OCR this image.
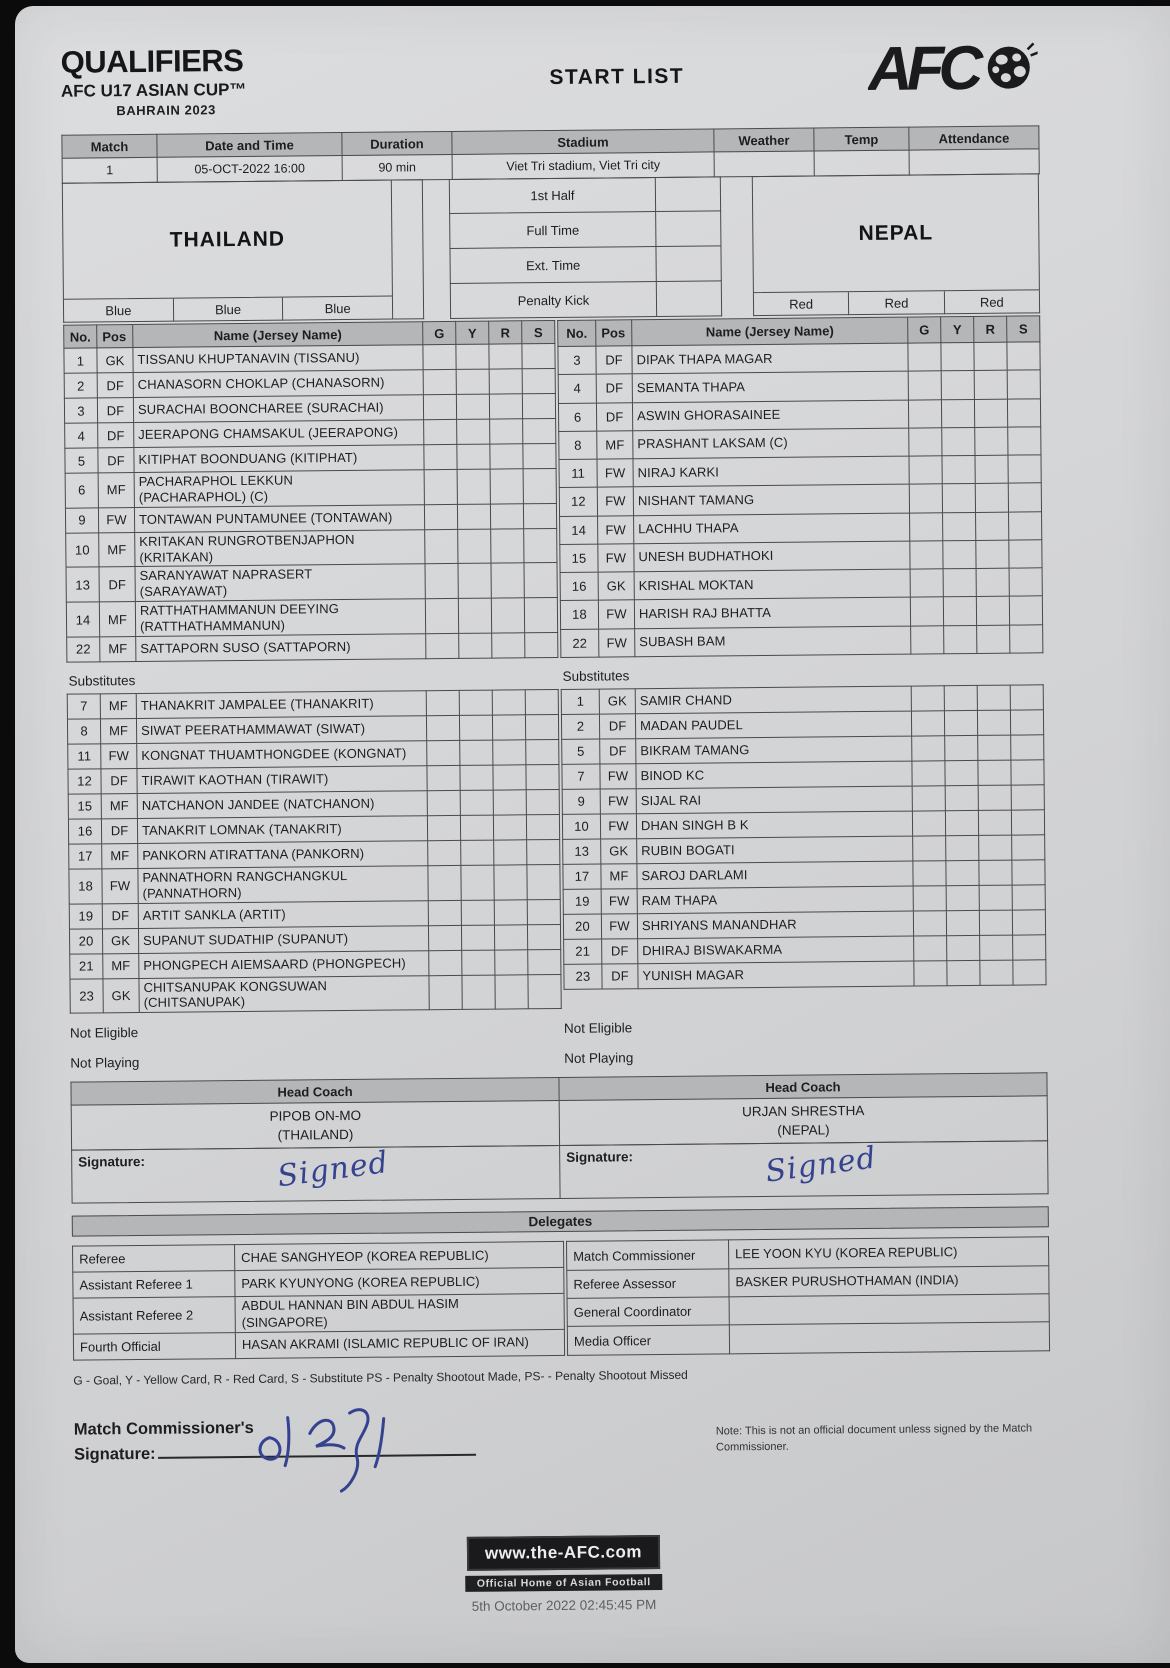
QUALIFIERS
AFC U17 ASIAN CUP™
BAHRAIN 2023
START LIST	AFC
Match	Date and Time	Duration	Stadium	Weather	Temp	Attendance
1	05-OCT-2022 16:00	90 min	Viet Tri stadium, Viet Tri city			
THAILAND
Blue	Blue	Blue
1st Half
Full Time
Ext. Time
Penalty Kick
NEPAL
Red	Red	Red
No.	Pos	Name (Jersey Name)	G	Y	R	S
1	GK	TISSANU KHUPTANAVIN (TISSANU)				
2	DF	CHANASORN CHOKLAP (CHANASORN)				
3	DF	SURACHAI BOONCHAREE (SURACHAI)				
4	DF	JEERAPONG CHAMSAKUL (JEERAPONG)				
5	DF	KITIPHAT BOONDUANG (KITIPHAT)				
6	MF	PACHARAPHOL LEKKUN
(PACHARAPHOL) (C)				
9	FW	TONTAWAN PUNTAMUNEE (TONTAWAN)				
10	MF	KRITAKAN RUNGROTBENJAPHON
(KRITAKAN)				
13	DF	SARANYAWAT NAPRASERT
(SARAYAWAT)				
14	MF	RATTHATHAMMANUN DEEYING
(RATTHATHAMMANUN)				
22	MF	SATTAPORN SUSO (SATTAPORN)				
No.	Pos	Name (Jersey Name)	G	Y	R	S
3	DF	DIPAK THAPA MAGAR				
4	DF	SEMANTA THAPA				
6	DF	ASWIN GHORASAINEE				
8	MF	PRASHANT LAKSAM (C)				
11	FW	NIRAJ KARKI				
12	FW	NISHANT TAMANG				
14	FW	LACHHU THAPA				
15	FW	UNESH BUDHATHOKI				
16	GK	KRISHAL MOKTAN				
18	FW	HARISH RAJ BHATTA				
22	FW	SUBASH BAM				
Substitutes
7	MF	THANAKRIT JAMPALEE (THANAKRIT)				
8	MF	SIWAT PEERATHAMMAWAT (SIWAT)				
11	FW	KONGNAT THUAMTHONGDEE (KONGNAT)				
12	DF	TIRAWIT KAOTHAN (TIRAWIT)				
15	MF	NATCHANON JANDEE (NATCHANON)				
16	DF	TANAKRIT LOMNAK (TANAKRIT)				
17	MF	PANKORN ATIRATTANA (PANKORN)				
18	FW	PANNATHORN RANGCHANGKUL
(PANNATHORN)				
19	DF	ARTIT SANKLA (ARTIT)				
20	GK	SUPANUT SUDATHIP (SUPANUT)				
21	MF	PHONGPECH AIEMSAARD (PHONGPECH)				
23	GK	CHITSANUPAK KONGSUWAN
(CHITSANUPAK)				
Substitutes
1	GK	SAMIR CHAND				
2	DF	MADAN PAUDEL				
5	DF	BIKRAM TAMANG				
7	FW	BINOD KC				
9	FW	SIJAL RAI				
10	FW	DHAN SINGH B K				
13	GK	RUBIN BOGATI				
17	MF	SAROJ DARLAMI				
19	FW	RAM THAPA				
20	FW	SHRIYANS MANANDHAR				
21	DF	DHIRAJ BISWAKARMA				
23	DF	YUNISH MAGAR				
Not Eligible
Not Playing
Not Eligible
Not Playing
Head Coach	Head Coach
PIPOB ON-MO
(THAILAND)	URJAN SHRESTHA
(NEPAL)
Signature:	Signed	Signature:	Signed
Delegates
Referee	CHAE SANGHYEOP (KOREA REPUBLIC)
Assistant Referee 1	PARK KYUNYONG (KOREA REPUBLIC)
Assistant Referee 2	ABDUL HANNAN BIN ABDUL HASIM
(SINGAPORE)
Fourth Official	HASAN AKRAMI (ISLAMIC REPUBLIC OF IRAN)
Match Commissioner	LEE YOON KYU (KOREA REPUBLIC)
Referee Assessor	BASKER PURUSHOTHAMAN (INDIA)
General Coordinator	
Media Officer	
G - Goal, Y - Yellow Card, R - Red Card, S - Substitute PS - Penalty Shootout Made, PS- - Penalty Shootout Missed
Match Commissioner's
Signature:
Note: This is not an official document unless signed by the Match Commissioner.
www.the-AFC.com
Official Home of Asian Football
5th October 2022 02:45:45 PM
